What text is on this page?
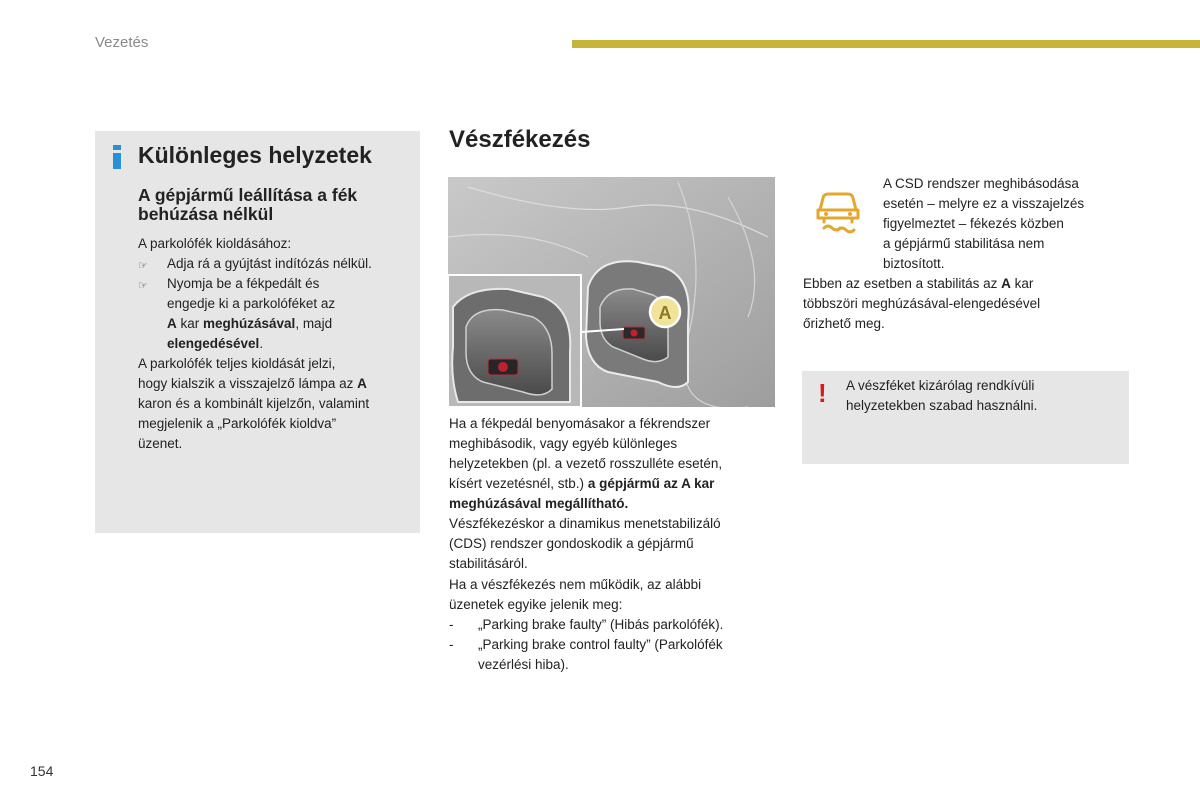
Vezetés
Különleges helyzetek
A gépjármű leállítása a fék
behúzása nélkül
A parkolófék kioldásához:
☞ Adja rá a gyújtást indítózás nélkül.
☞ Nyomja be a fékpedált és
engedje ki a parkolóféket az
A kar meghúzásával, majd
elengedésével.
A parkolófék teljes kioldását jelzi,
hogy kialszik a visszajelző lámpa az A
karon és a kombinált kijelzőn, valamint
megjelenik a „Parkolófék kioldva”
üzenet.
Vészfékezés
A
Ha a fékpedál benyomásakor a fékrendszer
meghibásodik, vagy egyéb különleges
helyzetekben (pl. a vezető rosszulléte esetén,
kísért vezetésnél, stb.) a gépjármű az A kar
meghúzásával megállítható.
Vészfékezéskor a dinamikus menetstabilizáló
(CDS) rendszer gondoskodik a gépjármű
stabilitásáról.
Ha a vészfékezés nem működik, az alábbi
üzenetek egyike jelenik meg:
- „Parking brake faulty” (Hibás parkolófék).
- „Parking brake control faulty” (Parkolófék
vezérlési hiba).
A CSD rendszer meghibásodása
esetén – melyre ez a visszajelzés
figyelmeztet – fékezés közben
a gépjármű stabilitása nem
biztosított.
Ebben az esetben a stabilitás az A kar
többszöri meghúzásával-elengedésével
őrizhető meg.
! A vészféket kizárólag rendkívüli
helyzetekben szabad használni.
154
